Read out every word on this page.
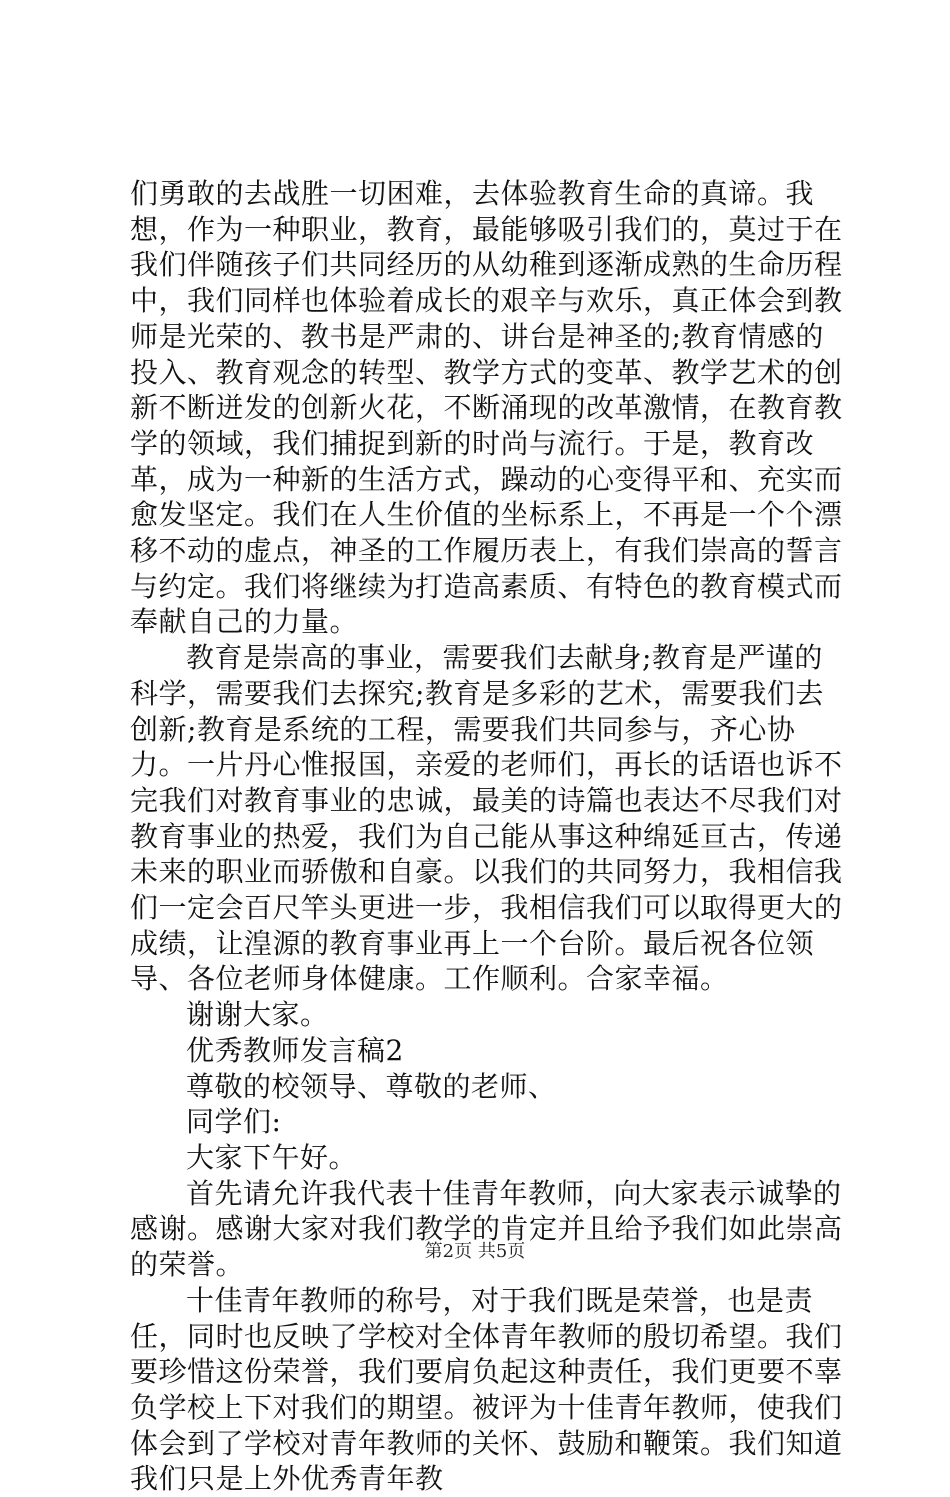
们勇敢的去战胜一切困难，去体验教育生命的真谛。我想，作为一种职业，教育，最能够吸引我们的，莫过于在我们伴随孩子们共同经历的从幼稚到逐渐成熟的生命历程中，我们同样也体验着成长的艰辛与欢乐，真正体会到教师是光荣的、教书是严肃的、讲台是神圣的;教育情感的投入、教育观念的转型、教学方式的变革、教学艺术的创新不断迸发的创新火花，不断涌现的改革激情，在教育教学的领域，我们捕捉到新的时尚与流行。于是，教育改革，成为一种新的生活方式，躁动的心变得平和、充实而愈发坚定。我们在人生价值的坐标系上，不再是一个个漂移不动的虚点，神圣的工作履历表上，有我们崇高的誓言与约定。我们将继续为打造高素质、有特色的教育模式而奉献自己的力量。

教育是崇高的事业，需要我们去献身;教育是严谨的科学，需要我们去探究;教育是多彩的艺术，需要我们去创新;教育是系统的工程，需要我们共同参与，齐心协力。一片丹心惟报国，亲爱的老师们，再长的话语也诉不完我们对教育事业的忠诚，最美的诗篇也表达不尽我们对教育事业的热爱，我们为自己能从事这种绵延亘古，传递未来的职业而骄傲和自豪。以我们的共同努力，我相信我们一定会百尺竿头更进一步，我相信我们可以取得更大的成绩，让湟源的教育事业再上一个台阶。最后祝各位领导、各位老师身体健康。工作顺利。合家幸福。

谢谢大家。

优秀教师发言稿2

尊敬的校领导、尊敬的老师、

同学们:

大家下午好。

首先请允许我代表十佳青年教师，向大家表示诚挚的感谢。感谢大家对我们教学的肯定并且给予我们如此崇高的荣誉。

十佳青年教师的称号，对于我们既是荣誉，也是责任，同时也反映了学校对全体青年教师的殷切希望。我们要珍惜这份荣誉，我们要肩负起这种责任，我们更要不辜负学校上下对我们的期望。被评为十佳青年教师，使我们体会到了学校对青年教师的关怀、鼓励和鞭策。我们知道我们只是上外优秀青年教

第2页 共5页
